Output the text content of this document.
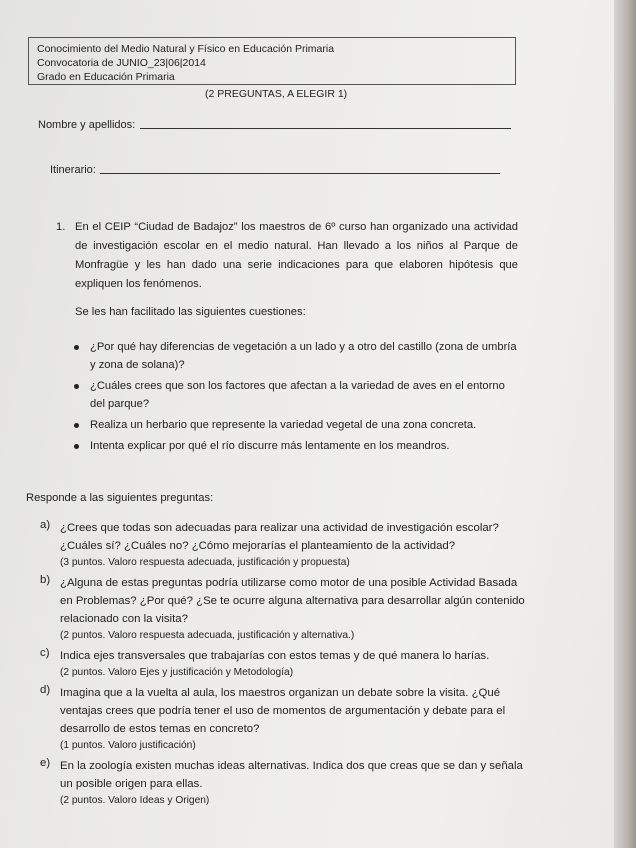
Conocimiento del Medio Natural y Físico en Educación Primaria
Convocatoria de JUNIO_23|06|2014
Grado en Educación Primaria
(2 PREGUNTAS, A ELEGIR 1)
Nombre y apellidos:
Itinerario:
1. En el CEIP “Ciudad de Badajoz” los maestros de 6º curso han organizado una actividad de investigación escolar en el medio natural. Han llevado a los niños al Parque de Monfragüe y les han dado una serie indicaciones para que elaboren hipótesis que expliquen los fenómenos.
Se les han facilitado las siguientes cuestiones:
¿Por qué hay diferencias de vegetación a un lado y a otro del castillo (zona de umbría y zona de solana)?
¿Cuáles crees que son los factores que afectan a la variedad de aves en el entorno del parque?
Realiza un herbario que represente la variedad vegetal de una zona concreta.
Intenta explicar por qué el río discurre más lentamente en los meandros.
Responde a las siguientes preguntas:
a) ¿Crees que todas son adecuadas para realizar una actividad de investigación escolar? ¿Cuáles sí? ¿Cuáles no? ¿Cómo mejorarías el planteamiento de la actividad?
(3 puntos. Valoro respuesta adecuada, justificación y propuesta)
b) ¿Alguna de estas preguntas podría utilizarse como motor de una posible Actividad Basada en Problemas? ¿Por qué? ¿Se te ocurre alguna alternativa para desarrollar algún contenido relacionado con la visita?
(2 puntos. Valoro respuesta adecuada, justificación y alternativa.)
c) Indica ejes transversales que trabajarías con estos temas y de qué manera lo harías.
(2 puntos. Valoro Ejes y justificación y Metodología)
d) Imagina que a la vuelta al aula, los maestros organizan un debate sobre la visita. ¿Qué ventajas crees que podría tener el uso de momentos de argumentación y debate para el desarrollo de estos temas en concreto?
(1 puntos. Valoro justificación)
e) En la zoología existen muchas ideas alternativas. Indica dos que creas que se dan y señala un posible origen para ellas.
(2 puntos. Valoro Ideas y Origen)
